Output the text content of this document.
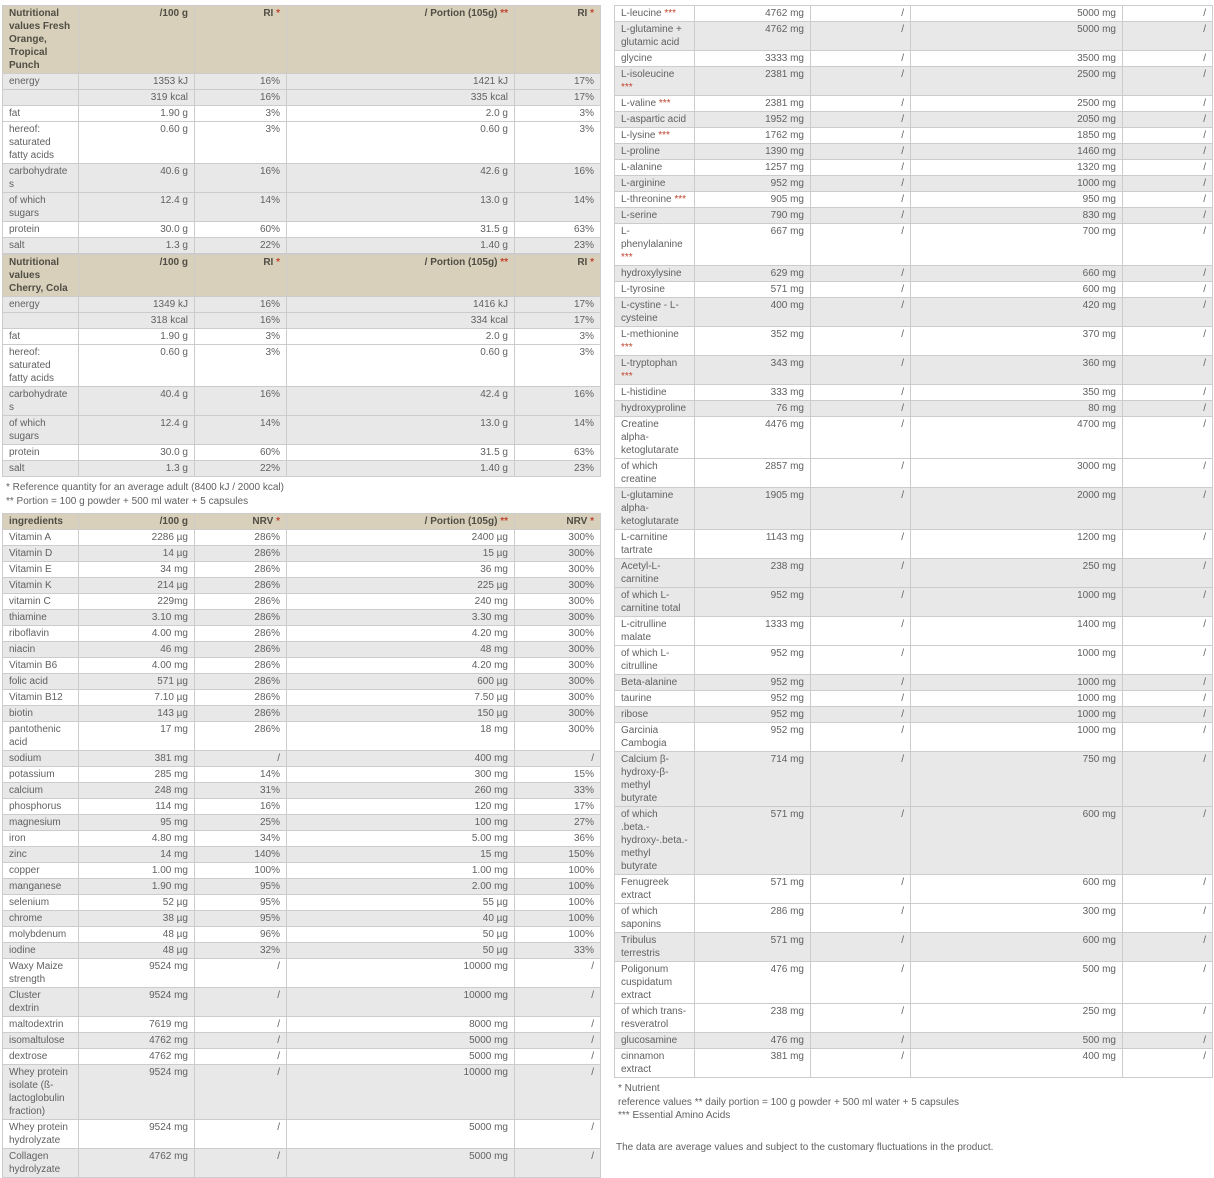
Nutritional values Fresh Orange, Tropical Punch	/100 g	RI *	/ Portion (105g) **	RI *
energy	1353 kJ	16%	1421 kJ	17%
	319 kcal	16%	335 kcal	17%
fat	1.90 g	3%	2.0 g	3%
hereof: saturated fatty acids	0.60 g	3%	0.60 g	3%
carbohydrates	40.6 g	16%	42.6 g	16%
of which sugars	12.4 g	14%	13.0 g	14%
protein	30.0 g	60%	31.5 g	63%
salt	1.3 g	22%	1.40 g	23%
Nutritional values Cherry, Cola	/100 g	RI *	/ Portion (105g) **	RI *
energy	1349 kJ	16%	1416 kJ	17%
	318 kcal	16%	334 kcal	17%
fat	1.90 g	3%	2.0 g	3%
hereof: saturated fatty acids	0.60 g	3%	0.60 g	3%
carbohydrates	40.4 g	16%	42.4 g	16%
of which sugars	12.4 g	14%	13.0 g	14%
protein	30.0 g	60%	31.5 g	63%
salt	1.3 g	22%	1.40 g	23%
* Reference quantity for an average adult (8400 kJ / 2000 kcal)
** Portion = 100 g powder + 500 ml water + 5 capsules
ingredients	/100 g	NRV *	/ Portion (105g) **	NRV *
Vitamin A	2286 µg	286%	2400 µg	300%
Vitamin D	14 µg	286%	15 µg	300%
Vitamin E	34 mg	286%	36 mg	300%
Vitamin K	214 µg	286%	225 µg	300%
vitamin C	229mg	286%	240 mg	300%
thiamine	3.10 mg	286%	3.30 mg	300%
riboflavin	4.00 mg	286%	4.20 mg	300%
niacin	46 mg	286%	48 mg	300%
Vitamin B6	4.00 mg	286%	4.20 mg	300%
folic acid	571 µg	286%	600 µg	300%
Vitamin B12	7.10 µg	286%	7.50 µg	300%
biotin	143 µg	286%	150 µg	300%
pantothenic acid	17 mg	286%	18 mg	300%
sodium	381 mg	/	400 mg	/
potassium	285 mg	14%	300 mg	15%
calcium	248 mg	31%	260 mg	33%
phosphorus	114 mg	16%	120 mg	17%
magnesium	95 mg	25%	100 mg	27%
iron	4.80 mg	34%	5.00 mg	36%
zinc	14 mg	140%	15 mg	150%
copper	1.00 mg	100%	1.00 mg	100%
manganese	1.90 mg	95%	2.00 mg	100%
selenium	52 µg	95%	55 µg	100%
chrome	38 µg	95%	40 µg	100%
molybdenum	48 µg	96%	50 µg	100%
iodine	48 µg	32%	50 µg	33%
Waxy Maize strength	9524 mg	/	10000 mg	/
Cluster dextrin	9524 mg	/	10000 mg	/
maltodextrin	7619 mg	/	8000 mg	/
isomaltulose	4762 mg	/	5000 mg	/
dextrose	4762 mg	/	5000 mg	/
Whey protein isolate (ß-lactoglobulin fraction)	9524 mg	/	10000 mg	/
Whey protein hydrolyzate	9524 mg	/	5000 mg	/
Collagen hydrolyzate	4762 mg	/	5000 mg	/
L-leucine ***	4762 mg	/	5000 mg	/
L-glutamine + glutamic acid	4762 mg	/	5000 mg	/
glycine	3333 mg	/	3500 mg	/
L-isoleucine ***	2381 mg	/	2500 mg	/
L-valine ***	2381 mg	/	2500 mg	/
L-aspartic acid	1952 mg	/	2050 mg	/
L-lysine ***	1762 mg	/	1850 mg	/
L-proline	1390 mg	/	1460 mg	/
L-alanine	1257 mg	/	1320 mg	/
L-arginine	952 mg	/	1000 mg	/
L-threonine ***	905 mg	/	950 mg	/
L-serine	790 mg	/	830 mg	/
L-phenylalanine ***	667 mg	/	700 mg	/
hydroxylysine	629 mg	/	660 mg	/
L-tyrosine	571 mg	/	600 mg	/
L-cystine - L-cysteine	400 mg	/	420 mg	/
L-methionine ***	352 mg	/	370 mg	/
L-tryptophan ***	343 mg	/	360 mg	/
L-histidine	333 mg	/	350 mg	/
hydroxyproline	76 mg	/	80 mg	/
Creatine alpha-ketoglutarate	4476 mg	/	4700 mg	/
of which creatine	2857 mg	/	3000 mg	/
L-glutamine alpha-ketoglutarate	1905 mg	/	2000 mg	/
L-carnitine tartrate	1143 mg	/	1200 mg	/
Acetyl-L-carnitine	238 mg	/	250 mg	/
of which L-carnitine total	952 mg	/	1000 mg	/
L-citrulline malate	1333 mg	/	1400 mg	/
of which L-citrulline	952 mg	/	1000 mg	/
Beta-alanine	952 mg	/	1000 mg	/
taurine	952 mg	/	1000 mg	/
ribose	952 mg	/	1000 mg	/
Garcinia Cambogia	952 mg	/	1000 mg	/
Calcium β-hydroxy-β-methyl butyrate	714 mg	/	750 mg	/
of which .beta.-hydroxy-.beta.-methyl butyrate	571 mg	/	600 mg	/
Fenugreek extract	571 mg	/	600 mg	/
of which saponins	286 mg	/	300 mg	/
Tribulus terrestris	571 mg	/	600 mg	/
Poligonum cuspidatum extract	476 mg	/	500 mg	/
of which trans-resveratrol	238 mg	/	250 mg	/
glucosamine	476 mg	/	500 mg	/
cinnamon extract	381 mg	/	400 mg	/
* Nutrient
reference values ** daily portion = 100 g powder + 500 ml water + 5 capsules
*** Essential Amino Acids
The data are average values and subject to the customary fluctuations in the product.
